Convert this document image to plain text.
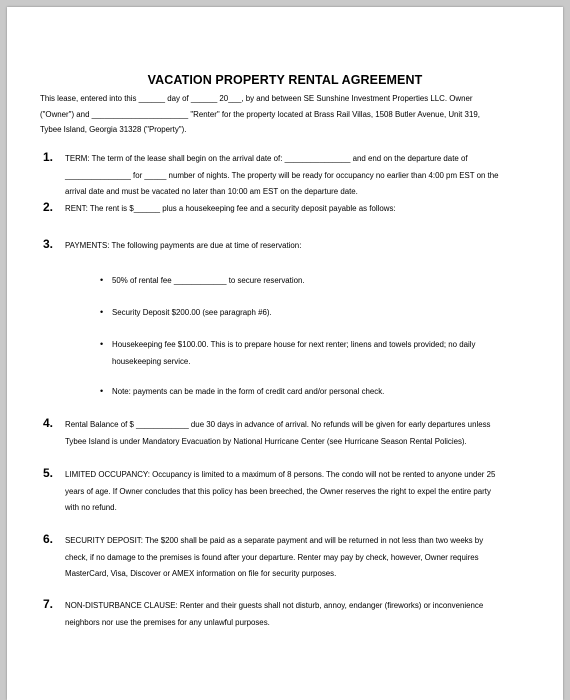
VACATION PROPERTY RENTAL AGREEMENT

This lease, entered into this ______ day of ______ 20___, by and between SE Sunshine Investment Properties LLC. Owner

("Owner") and ______________________ "Renter" for the property located at Brass Rail Villas, 1508 Butler Avenue, Unit 319,

Tybee Island, Georgia 31328 ("Property").

1. TERM: The term of the lease shall begin on the arrival date of: _______________ and end on the departure date of

_______________ for _____ number of nights. The property will be ready for occupancy no earlier than 4:00 pm EST on the

arrival date and must be vacated no later than 10:00 am EST on the departure date.

2. RENT: The rent is $______ plus a housekeeping fee and a security deposit payable as follows:

3. PAYMENTS: The following payments are due at time of reservation:

• 50% of rental fee ____________ to secure reservation.

• Security Deposit $200.00 (see paragraph #6).

• Housekeeping fee $100.00. This is to prepare house for next renter; linens and towels provided; no daily

housekeeping service.

• Note: payments can be made in the form of credit card and/or personal check.

4. Rental Balance of $ ____________ due 30 days in advance of arrival. No refunds will be given for early departures unless

Tybee Island is under Mandatory Evacuation by National Hurricane Center (see Hurricane Season Rental Policies).

5. LIMITED OCCUPANCY: Occupancy is limited to a maximum of 8 persons. The condo will not be rented to anyone under 25

years of age. If Owner concludes that this policy has been breeched, the Owner reserves the right to expel the entire party

with no refund.

6. SECURITY DEPOSIT: The $200 shall be paid as a separate payment and will be returned in not less than two weeks by

check, if no damage to the premises is found after your departure. Renter may pay by check, however, Owner requires

MasterCard, Visa, Discover or AMEX information on file for security purposes.

7. NON-DISTURBANCE CLAUSE: Renter and their guests shall not disturb, annoy, endanger (fireworks) or inconvenience

neighbors nor use the premises for any unlawful purposes.
